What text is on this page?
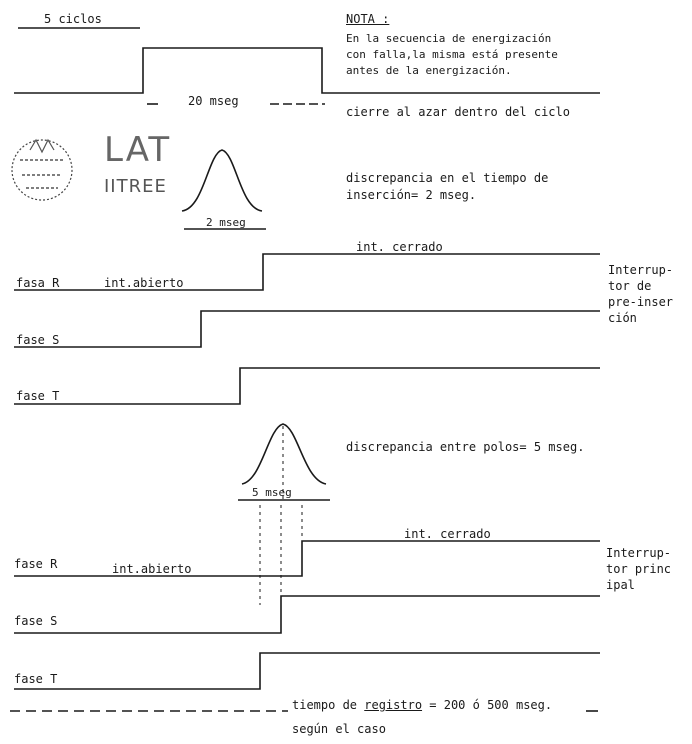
5 ciclos
20 mseg
NOTA :
En la secuencia de energización
con falla,la misma está presente
antes de la energización.
cierre al azar dentro del ciclo
LAT
IITREE
2 mseg
discrepancia en el tiempo de
inserción= 2 mseg.
int. cerrado
int.abierto
fasa R
fase S
fase T
Interrup-
tor de
pre-inser
ción
discrepancia entre polos= 5 mseg.
5 mseg
int. cerrado
int.abierto
fase R
fase S
fase T
Interrup-
tor princ
ipal
tiempo de registro = 200 ó 500 mseg.
según el caso
